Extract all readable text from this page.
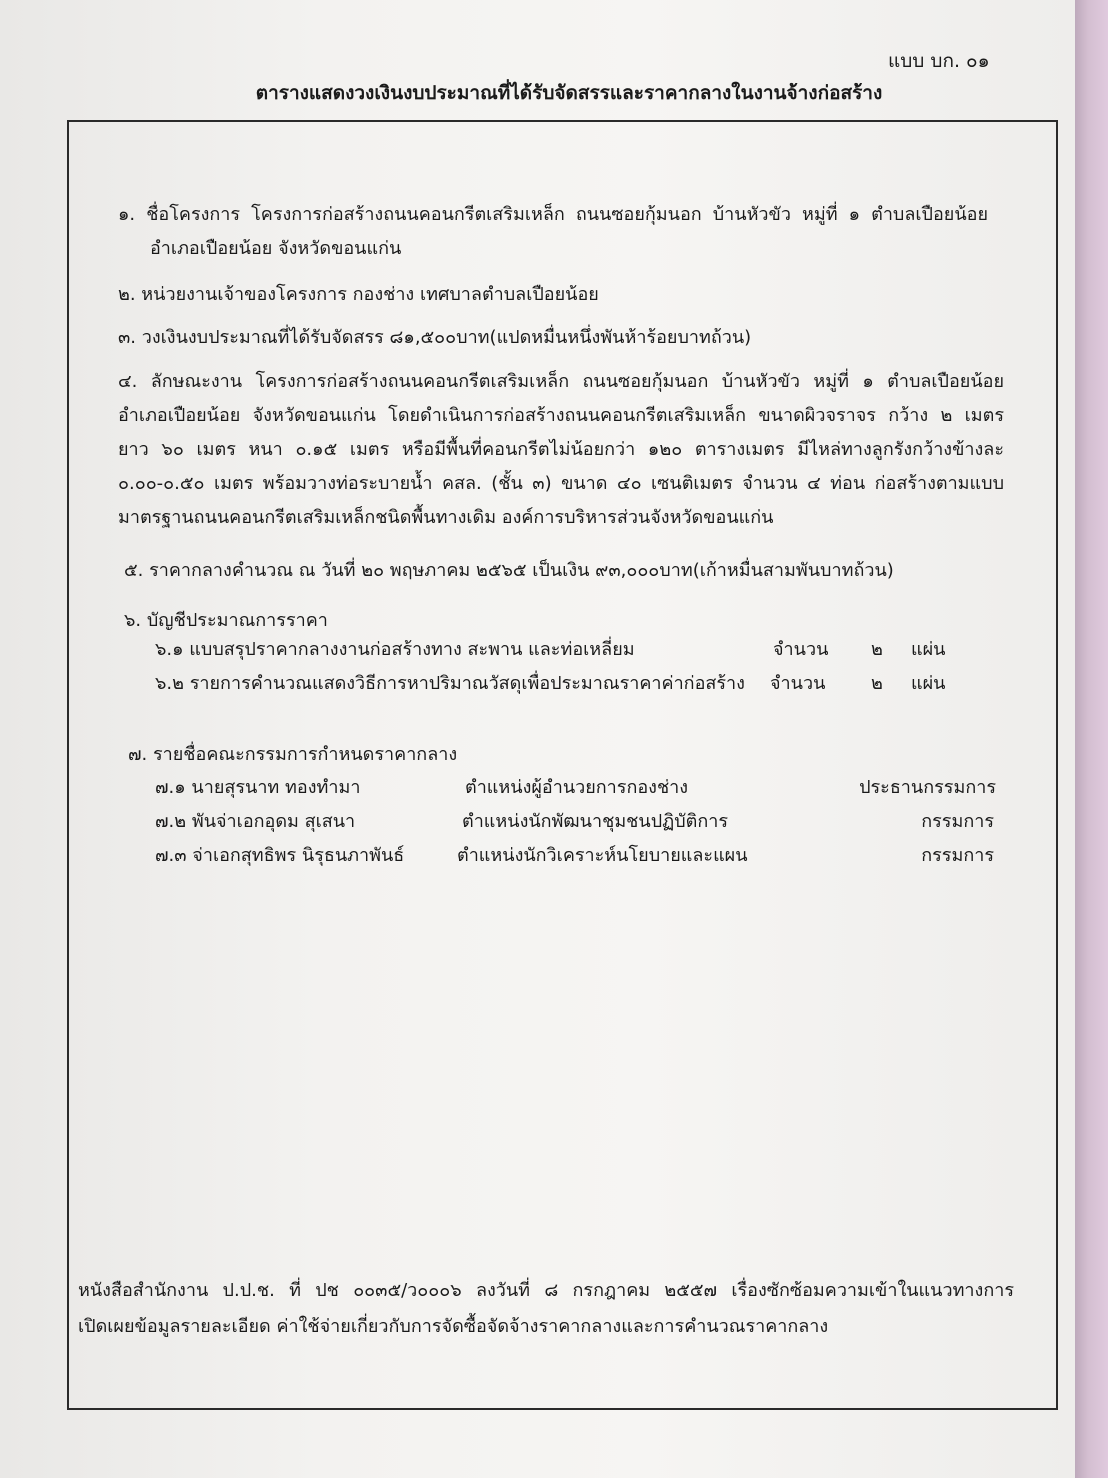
แบบ บก. ๐๑
ตารางแสดงวงเงินงบประมาณที่ได้รับจัดสรรและราคากลางในงานจ้างก่อสร้าง
๑. ชื่อโครงการ โครงการก่อสร้างถนนคอนกรีตเสริมเหล็ก ถนนซอยกุ้มนอก บ้านหัวขัว หมู่ที่ ๑ ตำบลเปือยน้อย
อำเภอเปือยน้อย จังหวัดขอนแก่น
๒. หน่วยงานเจ้าของโครงการ กองช่าง เทศบาลตำบลเปือยน้อย
๓. วงเงินงบประมาณที่ได้รับจัดสรร ๘๑,๕๐๐บาท(แปดหมื่นหนึ่งพันห้าร้อยบาทถ้วน)
๔. ลักษณะงาน โครงการก่อสร้างถนนคอนกรีตเสริมเหล็ก ถนนซอยกุ้มนอก บ้านหัวขัว หมู่ที่ ๑ ตำบลเปือยน้อย
อำเภอเปือยน้อย จังหวัดขอนแก่น โดยดำเนินการก่อสร้างถนนคอนกรีตเสริมเหล็ก ขนาดผิวจราจร กว้าง ๒ เมตร
ยาว ๖๐ เมตร หนา ๐.๑๕ เมตร หรือมีพื้นที่คอนกรีตไม่น้อยกว่า ๑๒๐ ตารางเมตร มีไหล่ทางลูกรังกว้างข้างละ
๐.๐๐-๐.๕๐ เมตร พร้อมวางท่อระบายน้ำ คสล. (ชั้น ๓) ขนาด ๔๐ เซนติเมตร จำนวน ๔ ท่อน ก่อสร้างตามแบบ
มาตรฐานถนนคอนกรีตเสริมเหล็กชนิดพื้นทางเดิม องค์การบริหารส่วนจังหวัดขอนแก่น
๕. ราคากลางคำนวณ ณ วันที่ ๒๐ พฤษภาคม ๒๕๖๕ เป็นเงิน ๙๓,๐๐๐บาท(เก้าหมื่นสามพันบาทถ้วน)
๖. บัญชีประมาณการราคา
๖.๑ แบบสรุปราคากลางงานก่อสร้างทาง สะพาน และท่อเหลี่ยม	จำนวน ๒ แผ่น
๖.๒ รายการคำนวณแสดงวิธีการหาปริมาณวัสดุเพื่อประมาณราคาค่าก่อสร้าง จำนวน	๒ แผ่น
๗. รายชื่อคณะกรรมการกำหนดราคากลาง
๗.๑ นายสุรนาท ทองทำมา	ตำแหน่งผู้อำนวยการกองช่าง	ประธานกรรมการ
๗.๒ พันจ่าเอกอุดม สุเสนา	ตำแหน่งนักพัฒนาชุมชนปฏิบัติการ	กรรมการ
๗.๓ จ่าเอกสุทธิพร นิรุธนภาพันธ์	ตำแหน่งนักวิเคราะห์นโยบายและแผน	กรรมการ
หนังสือสำนักงาน ป.ป.ช. ที่ ปช ๐๐๓๕/ว๐๐๐๖ ลงวันที่ ๘ กรกฎาคม ๒๕๕๗ เรื่องซักซ้อมความเข้าในแนวทางการ
เปิดเผยข้อมูลรายละเอียด ค่าใช้จ่ายเกี่ยวกับการจัดซื้อจัดจ้างราคากลางและการคำนวณราคากลาง
